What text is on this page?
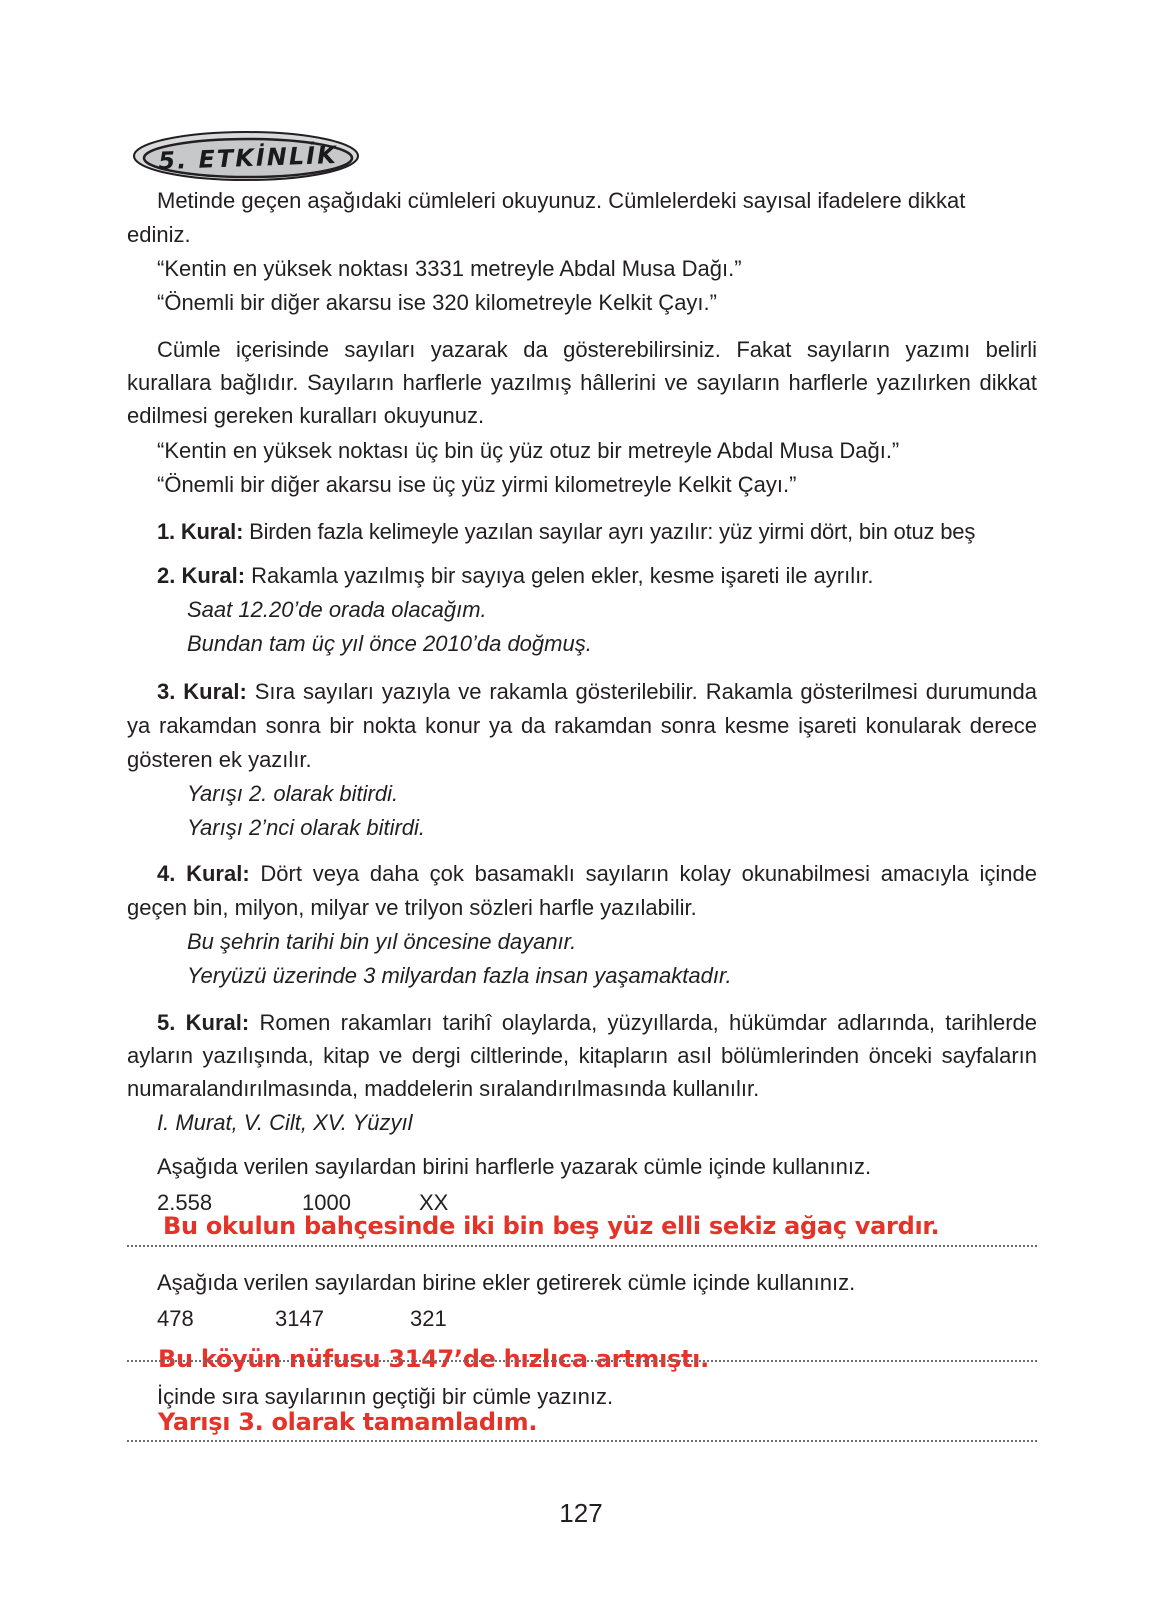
5. ETKİNLİK
Metinde geçen aşağıdaki cümleleri okuyunuz. Cümlelerdeki sayısal ifadelere dikkat
ediniz.
“Kentin en yüksek noktası 3331 metreyle Abdal Musa Dağı.”
“Önemli bir diğer akarsu ise 320 kilometreyle Kelkit Çayı.”
Cümle içerisinde sayıları yazarak da gösterebilirsiniz. Fakat sayıların yazımı belirli kurallara bağlıdır. Sayıların harflerle yazılmış hâllerini ve sayıların harflerle yazılırken dikkat edilmesi gereken kuralları okuyunuz.
“Kentin en yüksek noktası üç bin üç yüz otuz bir metreyle Abdal Musa Dağı.”
“Önemli bir diğer akarsu ise üç yüz yirmi kilometreyle Kelkit Çayı.”
1. Kural: Birden fazla kelimeyle yazılan sayılar ayrı yazılır: yüz yirmi dört, bin otuz beş
2. Kural: Rakamla yazılmış bir sayıya gelen ekler, kesme işareti ile ayrılır.
Saat 12.20’de orada olacağım.
Bundan tam üç yıl önce 2010’da doğmuş.
3. Kural: Sıra sayıları yazıyla ve rakamla gösterilebilir. Rakamla gösterilmesi durumunda ya rakamdan sonra bir nokta konur ya da rakamdan sonra kesme işareti konularak derece gösteren ek yazılır.
Yarışı 2. olarak bitirdi.
Yarışı 2’nci olarak bitirdi.
4. Kural: Dört veya daha çok basamaklı sayıların kolay okunabilmesi amacıyla içinde geçen bin, milyon, milyar ve trilyon sözleri harfle yazılabilir.
Bu şehrin tarihi bin yıl öncesine dayanır.
Yeryüzü üzerinde 3 milyardan fazla insan yaşamaktadır.
5. Kural: Romen rakamları tarihî olaylarda, yüzyıllarda, hükümdar adlarında, tarihlerde ayların yazılışında, kitap ve dergi ciltlerinde, kitapların asıl bölümlerinden önceki sayfaların numaralandırılmasında, maddelerin sıralandırılmasında kullanılır.
I. Murat, V. Cilt, XV. Yüzyıl
Aşağıda verilen sayılardan birini harflerle yazarak cümle içinde kullanınız.
2.558	1000	XX
Bu okulun bahçesinde iki bin beş yüz elli sekiz ağaç vardır.
Aşağıda verilen sayılardan birine ekler getirerek cümle içinde kullanınız.
478	3147	321
Bu köyün nüfusu 3147’de hızlıca artmıştı.
İçinde sıra sayılarının geçtiği bir cümle yazınız.
Yarışı 3. olarak tamamladım.
127
